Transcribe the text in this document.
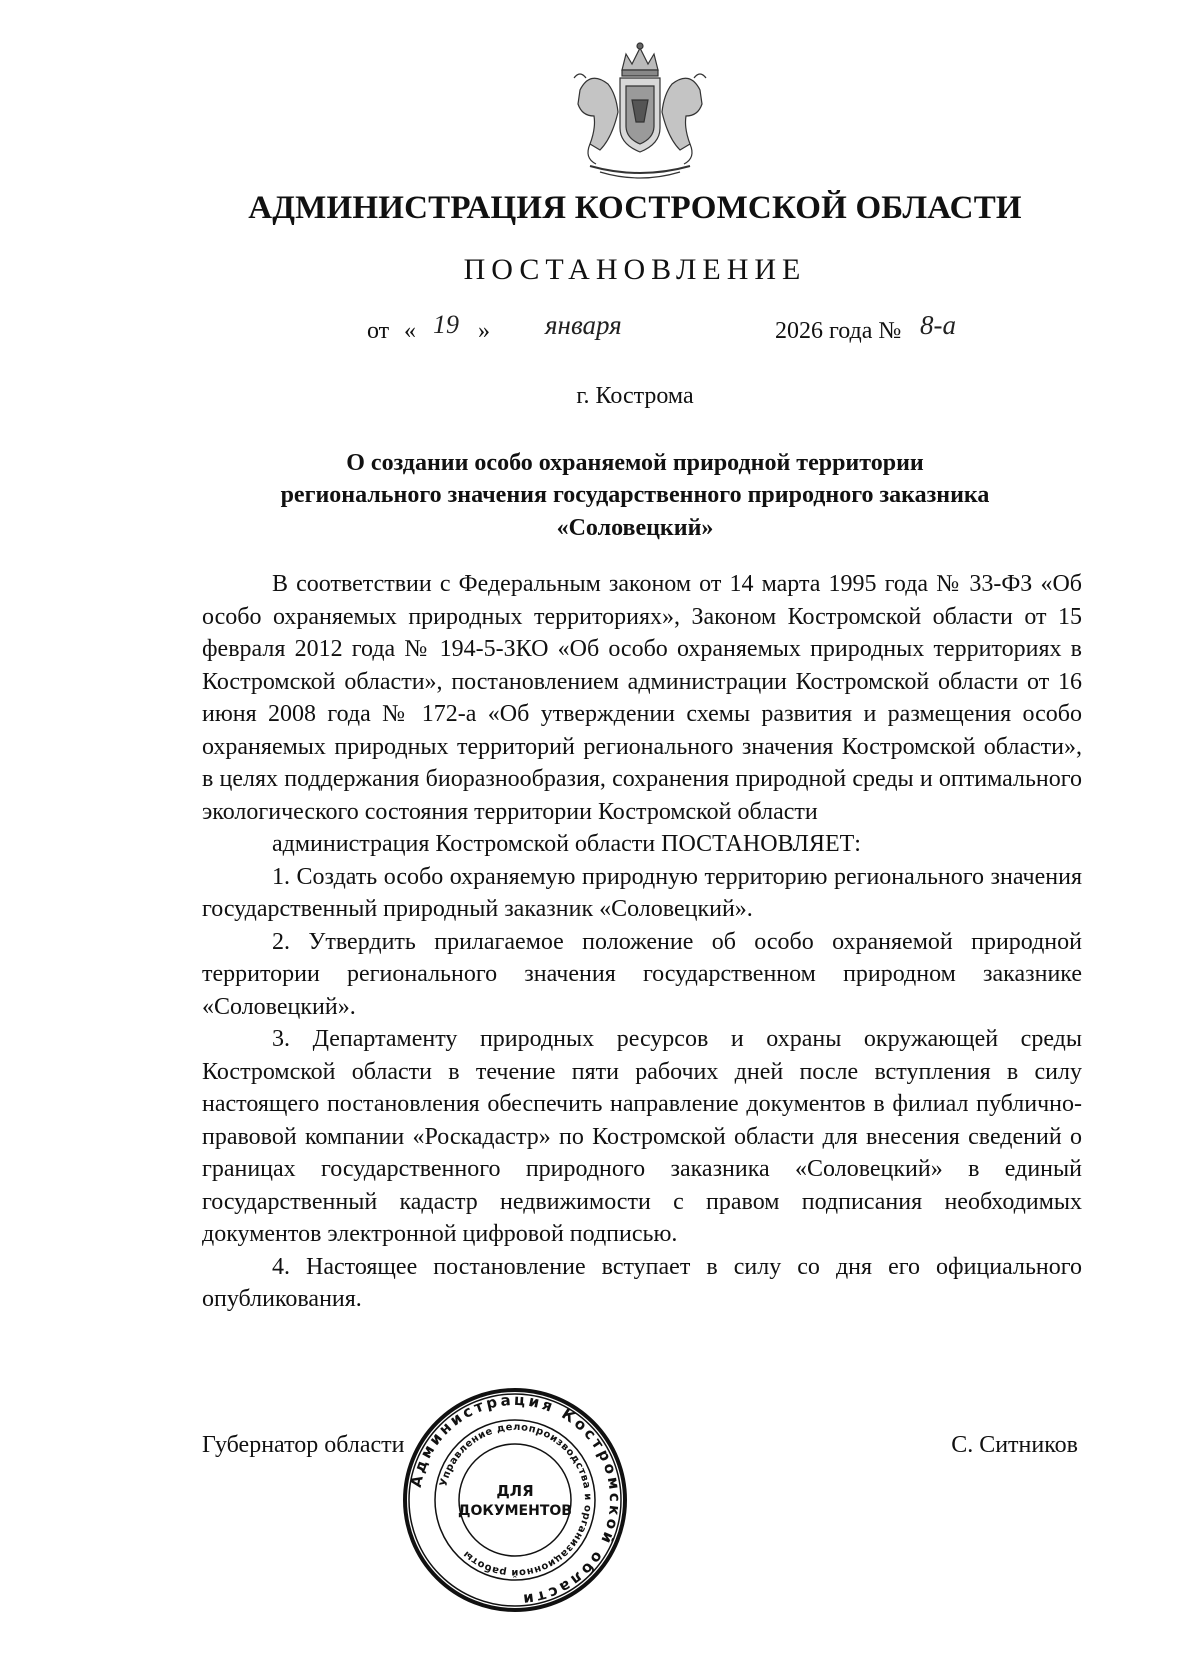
АДМИНИСТРАЦИЯ КОСТРОМСКОЙ ОБЛАСТИ
ПОСТАНОВЛЕНИЕ
от « 19 » января	2026 года № 8-а
г. Кострома
О создании особо охраняемой природной территории
регионального значения государственного природного заказника
«Соловецкий»

В соответствии с Федеральным законом от 14 марта 1995 года № 33-ФЗ «Об особо охраняемых природных территориях», Законом Костромской области от 15 февраля 2012 года № 194-5-ЗКО «Об особо охраняемых природных территориях в Костромской области», постановлением администрации Костромской области от 16 июня 2008 года № 172-а «Об утверждении схемы развития и размещения особо охраняемых природных территорий регионального значения Костромской области», в целях поддержания биоразнообразия, сохранения природной среды и оптимального экологического состояния территории Костромской области

администрация Костромской области ПОСТАНОВЛЯЕТ:

1. Создать особо охраняемую природную территорию регионального значения государственный природный заказник «Соловецкий».

2. Утвердить прилагаемое положение об особо охраняемой природной территории регионального значения государственном природном заказнике «Соловецкий».

3. Департаменту природных ресурсов и охраны окружающей среды Костромской области в течение пяти рабочих дней после вступления в силу настоящего постановления обеспечить направление документов в филиал публично-правовой компании «Роскадастр» по Костромской области для внесения сведений о границах государственного природного заказника «Соловецкий» в единый государственный кадастр недвижимости с правом подписания необходимых документов электронной цифровой подписью.

4. Настоящее постановление вступает в силу со дня его официального опубликования.

Губернатор области	С. Ситников
Администрация Костромской области
Управление делопроизводства и организационной работы
ДЛЯ
ДОКУМЕНТОВ
